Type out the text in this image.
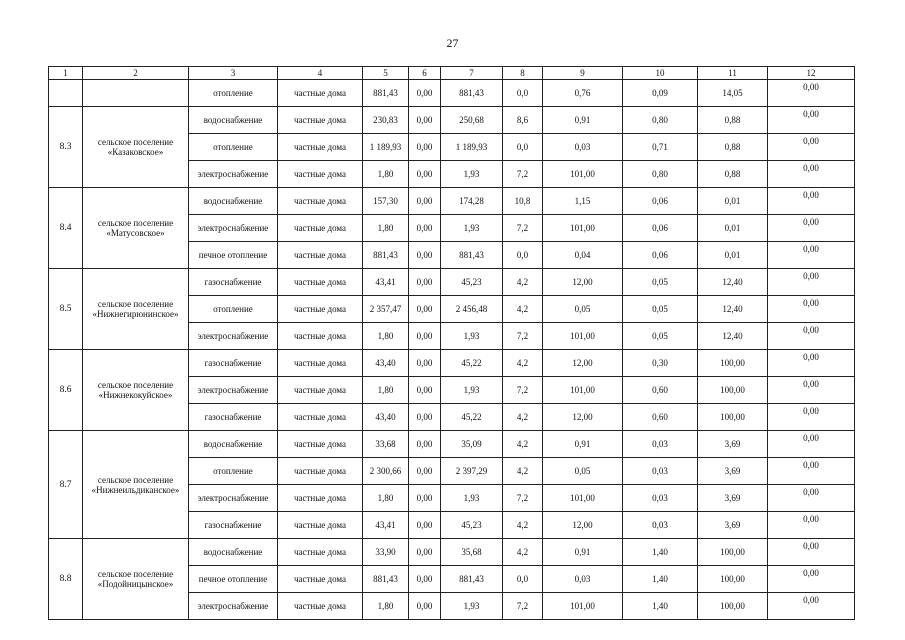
27
1	2	3	4	5	6	7	8	9	10	11	12
		отопление	частные дома	881,43	0,00	881,43	0,0	0,76	0,09	14,05	0,00
8.3	сельское поселение «Казаковское»	водоснабжение	частные дома	230,83	0,00	250,68	8,6	0,91	0,80	0,88	0,00
		отопление	частные дома	1 189,93	0,00	1 189,93	0,0	0,03	0,71	0,88	0,00
		электроснабжение	частные дома	1,80	0,00	1,93	7,2	101,00	0,80	0,88	0,00
8.4	сельское поселение «Матусовское»	водоснабжение	частные дома	157,30	0,00	174,28	10,8	1,15	0,06	0,01	0,00
		электроснабжение	частные дома	1,80	0,00	1,93	7,2	101,00	0,06	0,01	0,00
		печное отопление	частные дома	881,43	0,00	881,43	0,0	0,04	0,06	0,01	0,00
8.5	сельское поселение «Нижнегирюнинское»	газоснабжение	частные дома	43,41	0,00	45,23	4,2	12,00	0,05	12,40	0,00
		отопление	частные дома	2 357,47	0,00	2 456,48	4,2	0,05	0,05	12,40	0,00
		электроснабжение	частные дома	1,80	0,00	1,93	7,2	101,00	0,05	12,40	0,00
8.6	сельское поселение «Нижнекокуйское»	газоснабжение	частные дома	43,40	0,00	45,22	4,2	12,00	0,30	100,00	0,00
		электроснабжение	частные дома	1,80	0,00	1,93	7,2	101,00	0,60	100,00	0,00
		газоснабжение	частные дома	43,40	0,00	45,22	4,2	12,00	0,60	100,00	0,00
8.7	сельское поселение «Нижнеильдиканское»	водоснабжение	частные дома	33,68	0,00	35,09	4,2	0,91	0,03	3,69	0,00
		отопление	частные дома	2 300,66	0,00	2 397,29	4,2	0,05	0,03	3,69	0,00
		электроснабжение	частные дома	1,80	0,00	1,93	7,2	101,00	0,03	3,69	0,00
		газоснабжение	частные дома	43,41	0,00	45,23	4,2	12,00	0,03	3,69	0,00
8.8	сельское поселение «Подойницынское»	водоснабжение	частные дома	33,90	0,00	35,68	4,2	0,91	1,40	100,00	0,00
		печное отопление	частные дома	881,43	0,00	881,43	0,0	0,03	1,40	100,00	0,00
		электроснабжение	частные дома	1,80	0,00	1,93	7,2	101,00	1,40	100,00	0,00
